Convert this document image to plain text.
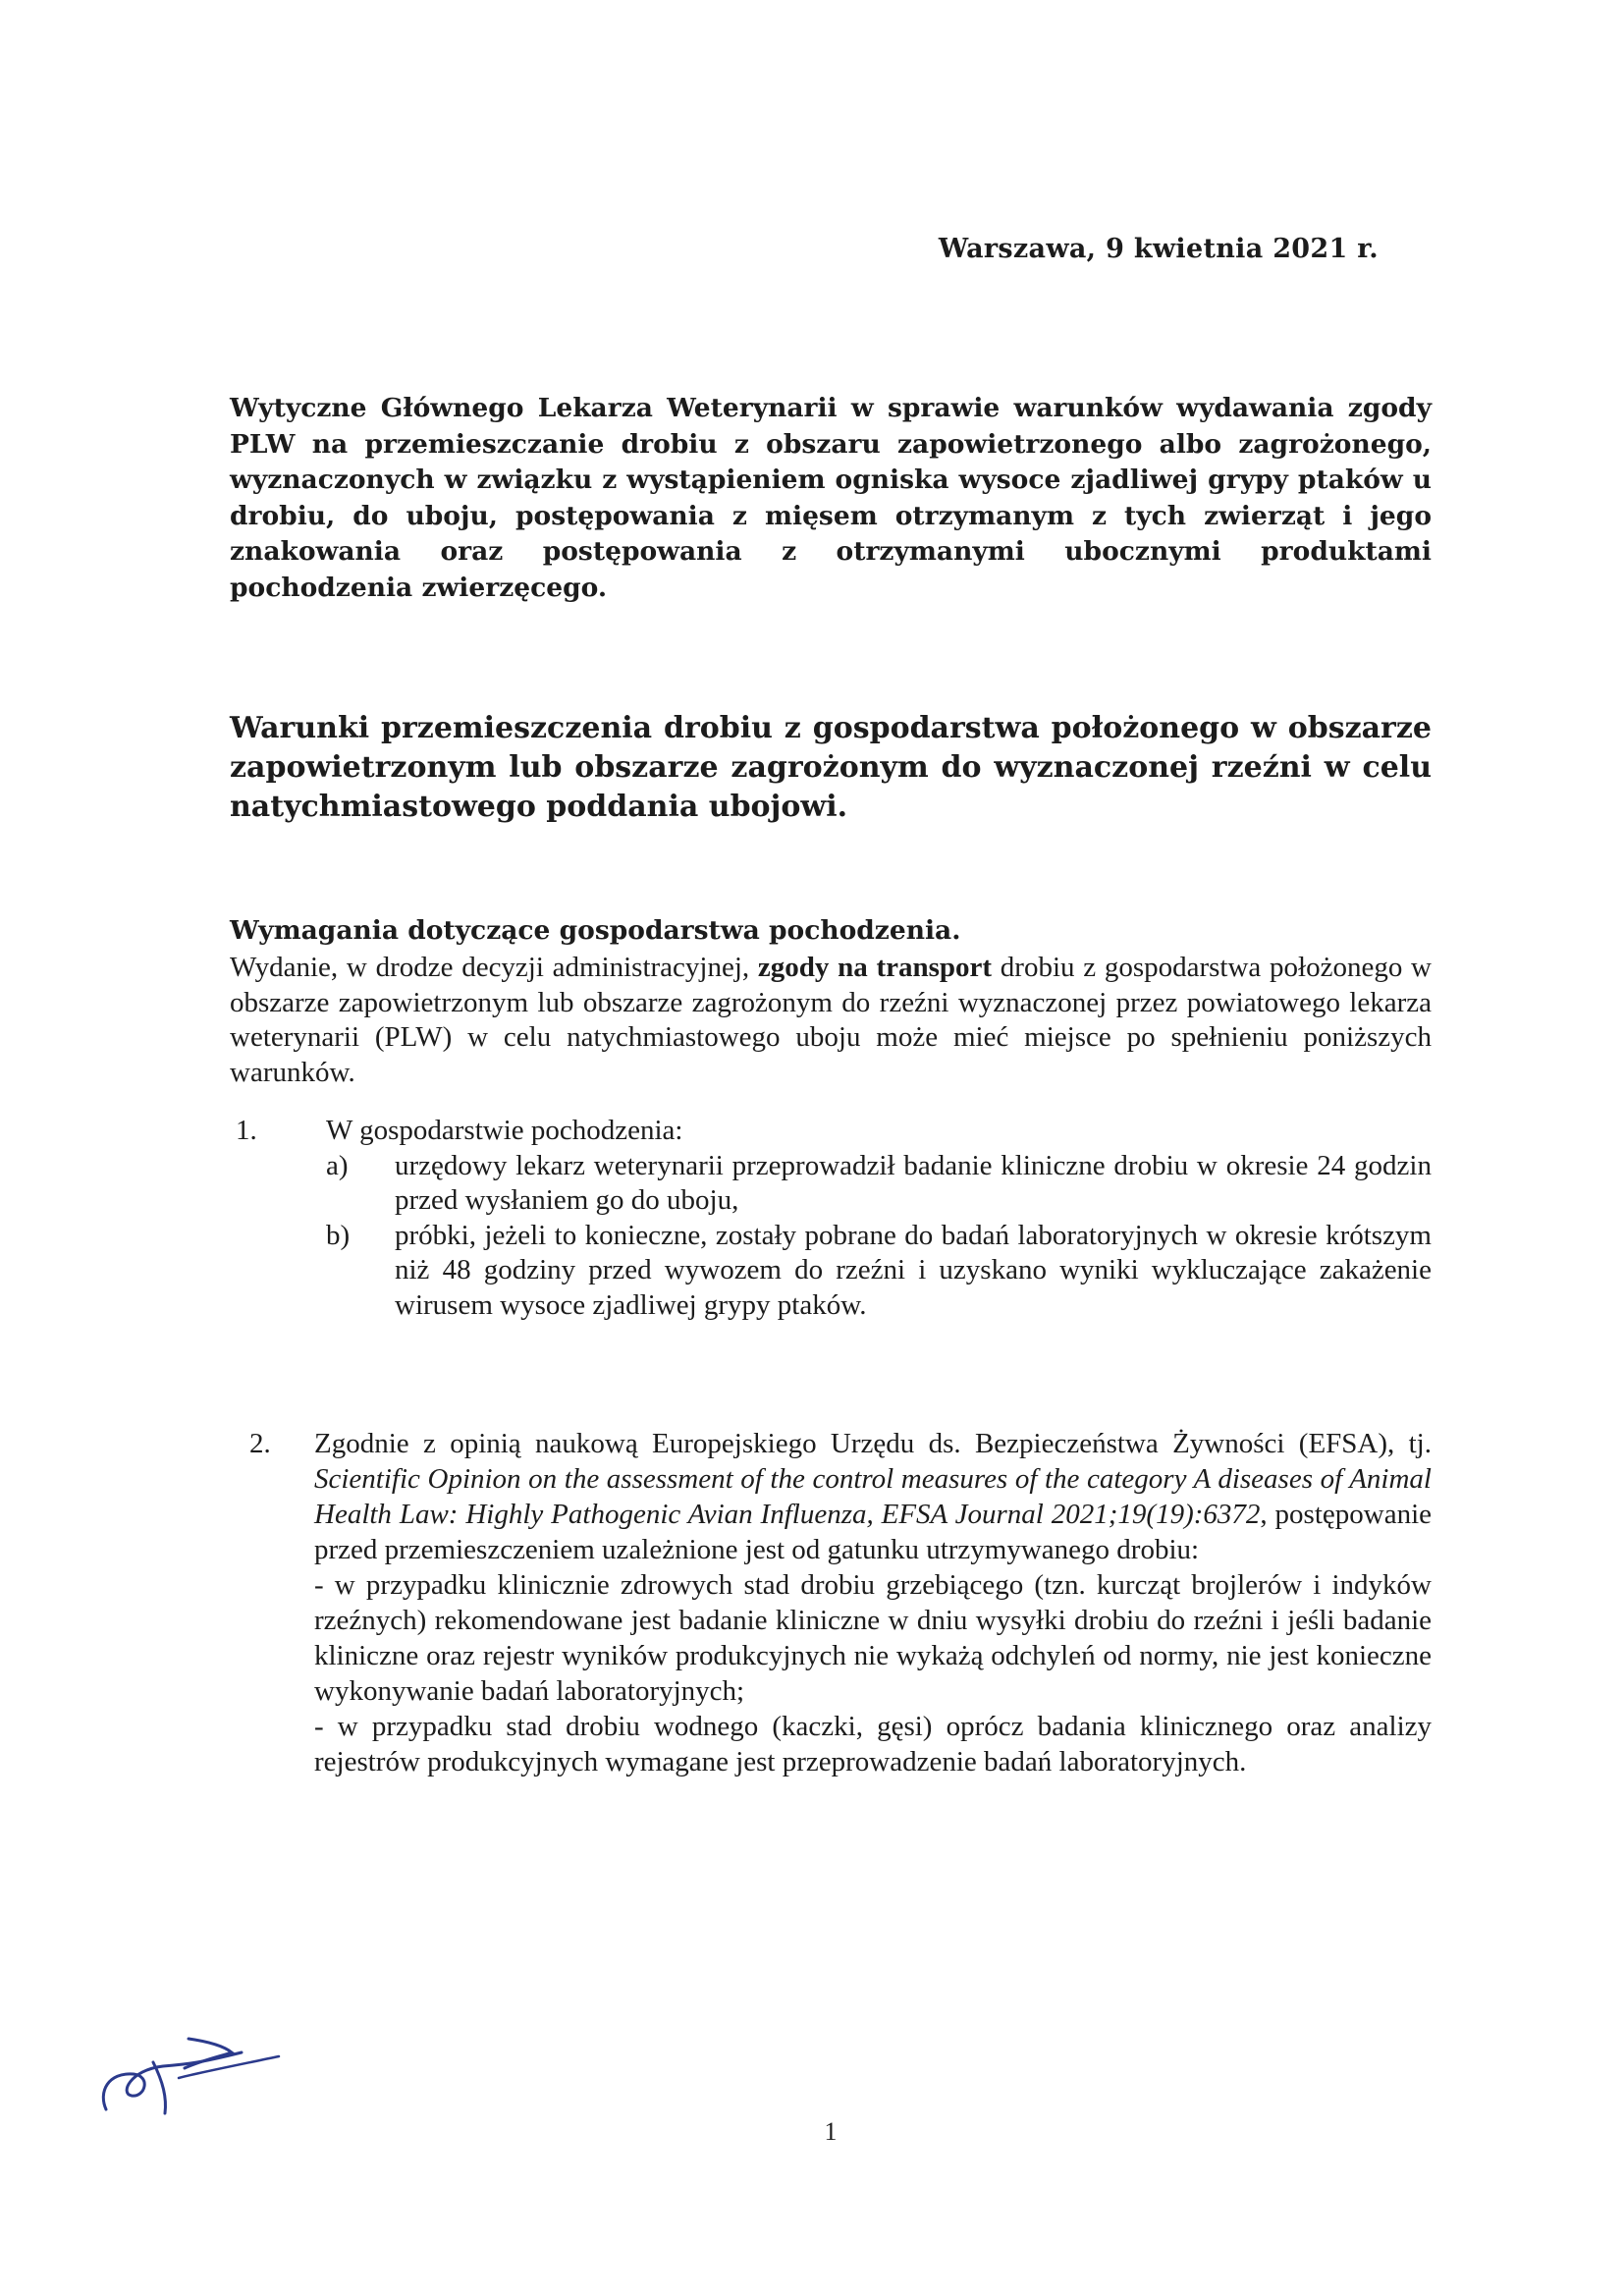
Warszawa, 9 kwietnia 2021 r.
Wytyczne Głównego Lekarza Weterynarii w sprawie warunków wydawania zgody PLW na przemieszczanie drobiu z obszaru zapowietrzonego albo zagrożonego, wyznaczonych w związku z wystąpieniem ogniska wysoce zjadliwej grypy ptaków u drobiu, do uboju, postępowania z mięsem otrzymanym z tych zwierząt i jego znakowania oraz postępowania z otrzymanymi ubocznymi produktami pochodzenia zwierzęcego.
Warunki przemieszczenia drobiu z gospodarstwa położonego w obszarze zapowietrzonym lub obszarze zagrożonym do wyznaczonej rzeźni w celu natychmiastowego poddania ubojowi.
Wymagania dotyczące gospodarstwa pochodzenia.

Wydanie, w drodze decyzji administracyjnej, zgody na transport drobiu z gospodarstwa położonego w obszarze zapowietrzonym lub obszarze zagrożonym do rzeźni wyznaczonej przez powiatowego lekarza weterynarii (PLW) w celu natychmiastowego uboju może mieć miejsce po spełnieniu poniższych warunków.

1.	W gospodarstwie pochodzenia:
a)	urzędowy lekarz weterynarii przeprowadził badanie kliniczne drobiu w okresie 24 godzin przed wysłaniem go do uboju,
b)	próbki, jeżeli to konieczne, zostały pobrane do badań laboratoryjnych w okresie krótszym niż 48 godziny przed wywozem do rzeźni i uzyskano wyniki wykluczające zakażenie wirusem wysoce zjadliwej grypy ptaków.
2.	Zgodnie z opinią naukową Europejskiego Urzędu ds. Bezpieczeństwa Żywności (EFSA), tj. Scientific Opinion on the assessment of the control measures of the category A diseases of Animal Health Law: Highly Pathogenic Avian Influenza, EFSA Journal 2021;19(19):6372, postępowanie przed przemieszczeniem uzależnione jest od gatunku utrzymywanego drobiu:

- w przypadku klinicznie zdrowych stad drobiu grzebiącego (tzn. kurcząt brojlerów i indyków rzeźnych) rekomendowane jest badanie kliniczne w dniu wysyłki drobiu do rzeźni i jeśli badanie kliniczne oraz rejestr wyników produkcyjnych nie wykażą odchyleń od normy, nie jest konieczne wykonywanie badań laboratoryjnych;

- w przypadku stad drobiu wodnego (kaczki, gęsi) oprócz badania klinicznego oraz analizy rejestrów produkcyjnych wymagane jest przeprowadzenie badań laboratoryjnych.

1
